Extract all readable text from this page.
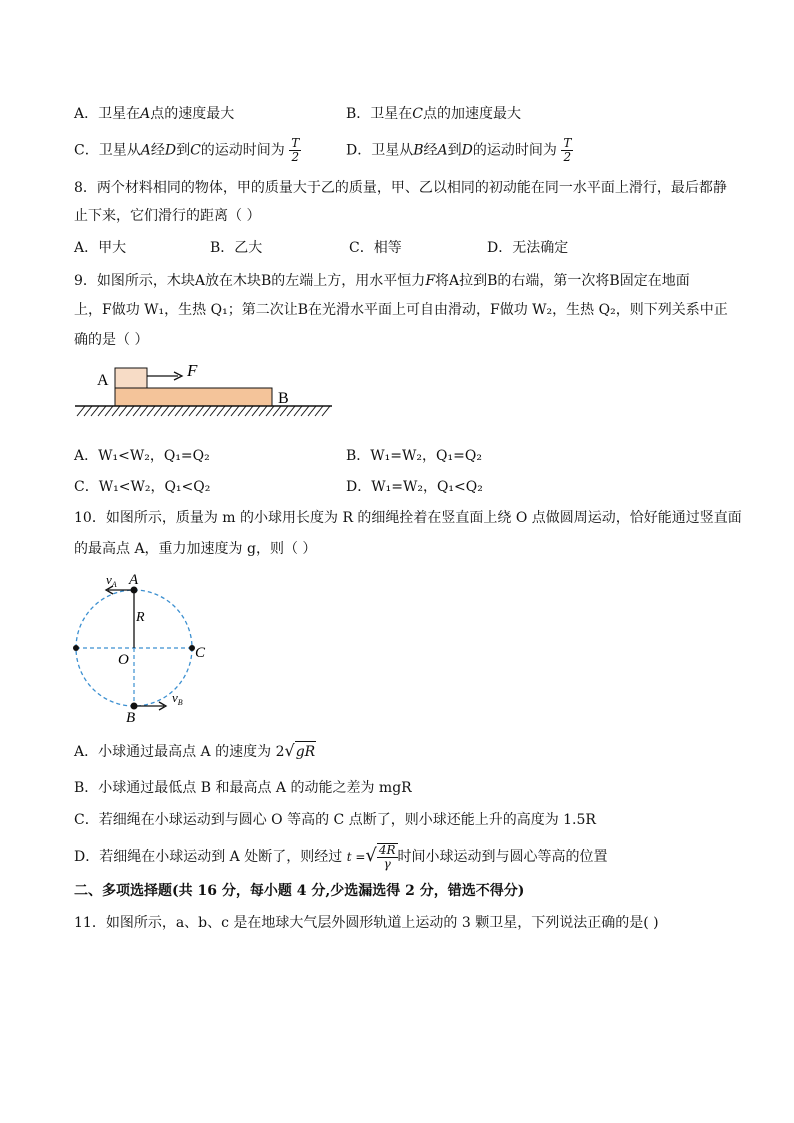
A．卫星在A点的速度最大	B．卫星在C点的加速度最大
C．卫星从A经D到C的运动时间为 $\frac{T}{2}$	D．卫星从B经A到D的运动时间为 $\frac{T}{2}$
8．两个材料相同的物体，甲的质量大于乙的质量，甲、乙以相同的初动能在同一水平面上滑行，最后都静
止下来，它们滑行的距离（ ）
A．甲大	B．乙大	C．相等	D．无法确定
9．如图所示，木块A放在木块B的左端上方，用水平恒力F将A拉到B的右端，第一次将B固定在地面
上，F做功 W₁，生热 Q₁；第二次让B在光滑水平面上可自由滑动，F做功 W₂，生热 Q₂，则下列关系中正
确的是（ ）
A
F
B
A．W₁<W₂，Q₁=Q₂	B．W₁=W₂，Q₁=Q₂
C．W₁<W₂，Q₁<Q₂	D．W₁=W₂，Q₁<Q₂
10．如图所示，质量为 m 的小球用长度为 R 的细绳拴着在竖直面上绕 O 点做圆周运动，恰好能通过竖直面
的最高点 A，重力加速度为 g，则（ ）
$v_A$ A
R
O	C
B
$v_B$
A．小球通过最高点 A 的速度为 2√gR
B．小球通过最低点 B 和最高点 A 的动能之差为 mgR
C．若细绳在小球运动到与圆心 O 等高的 C 点断了，则小球还能上升的高度为 1.5R
D．若细绳在小球运动到 A 处断了，则经过 t =√ $\frac{4R}{\gamma}$ 时间小球运动到与圆心等高的位置
二、多项选择题(共 16 分，每小题 4 分,少选漏选得 2 分，错选不得分)
11．如图所示，a、b、c 是在地球大气层外圆形轨道上运动的 3 颗卫星，下列说法正确的是( )
